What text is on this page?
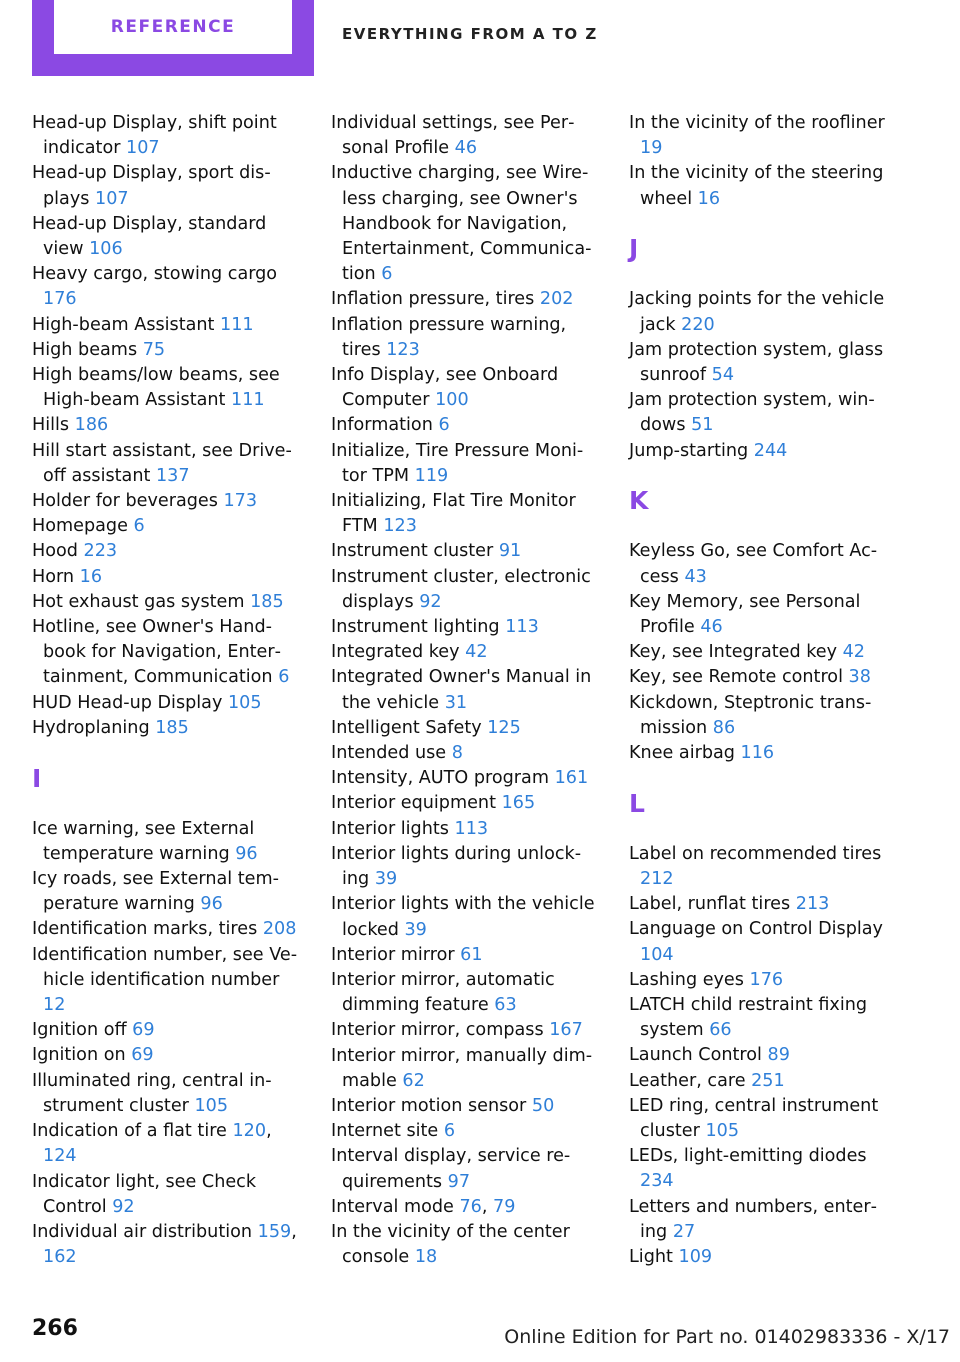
REFERENCE	EVERYTHING FROM A TO Z
Head-up Display, shift point indicator 107
Head-up Display, sport displays 107
Head-up Display, standard view 106
Heavy cargo, stowing cargo 176
High-beam Assistant 111
High beams 75
High beams/low beams, see High-beam Assistant 111
Hills 186
Hill start assistant, see Drive-off assistant 137
Holder for beverages 173
Homepage 6
Hood 223
Horn 16
Hot exhaust gas system 185
Hotline, see Owner's Handbook for Navigation, Entertainment, Communication 6
HUD Head-up Display 105
Hydroplaning 185
I
Ice warning, see External temperature warning 96
Icy roads, see External temperature warning 96
Identification marks, tires 208
Identification number, see Vehicle identification number 12
Ignition off 69
Ignition on 69
Illuminated ring, central instrument cluster 105
Indication of a flat tire 120, 124
Indicator light, see Check Control 92
Individual air distribution 159, 162
Individual settings, see Personal Profile 46
Inductive charging, see Wireless charging, see Owner's Handbook for Navigation, Entertainment, Communication 6
Inflation pressure, tires 202
Inflation pressure warning, tires 123
Info Display, see Onboard Computer 100
Information 6
Initialize, Tire Pressure Monitor TPM 119
Initializing, Flat Tire Monitor FTM 123
Instrument cluster 91
Instrument cluster, electronic displays 92
Instrument lighting 113
Integrated key 42
Integrated Owner's Manual in the vehicle 31
Intelligent Safety 125
Intended use 8
Intensity, AUTO program 161
Interior equipment 165
Interior lights 113
Interior lights during unlocking 39
Interior lights with the vehicle locked 39
Interior mirror 61
Interior mirror, automatic dimming feature 63
Interior mirror, compass 167
Interior mirror, manually dimmable 62
Interior motion sensor 50
Internet site 6
Interval display, service requirements 97
Interval mode 76, 79
In the vicinity of the center console 18
In the vicinity of the roofliner 19
In the vicinity of the steering wheel 16
J
Jacking points for the vehicle jack 220
Jam protection system, glass sunroof 54
Jam protection system, windows 51
Jump-starting 244
K
Keyless Go, see Comfort Access 43
Key Memory, see Personal Profile 46
Key, see Integrated key 42
Key, see Remote control 38
Kickdown, Steptronic transmission 86
Knee airbag 116
L
Label on recommended tires 212
Label, runflat tires 213
Language on Control Display 104
Lashing eyes 176
LATCH child restraint fixing system 66
Launch Control 89
Leather, care 251
LED ring, central instrument cluster 105
LEDs, light-emitting diodes 234
Letters and numbers, entering 27
Light 109
266	Online Edition for Part no. 01402983336 - X/17
